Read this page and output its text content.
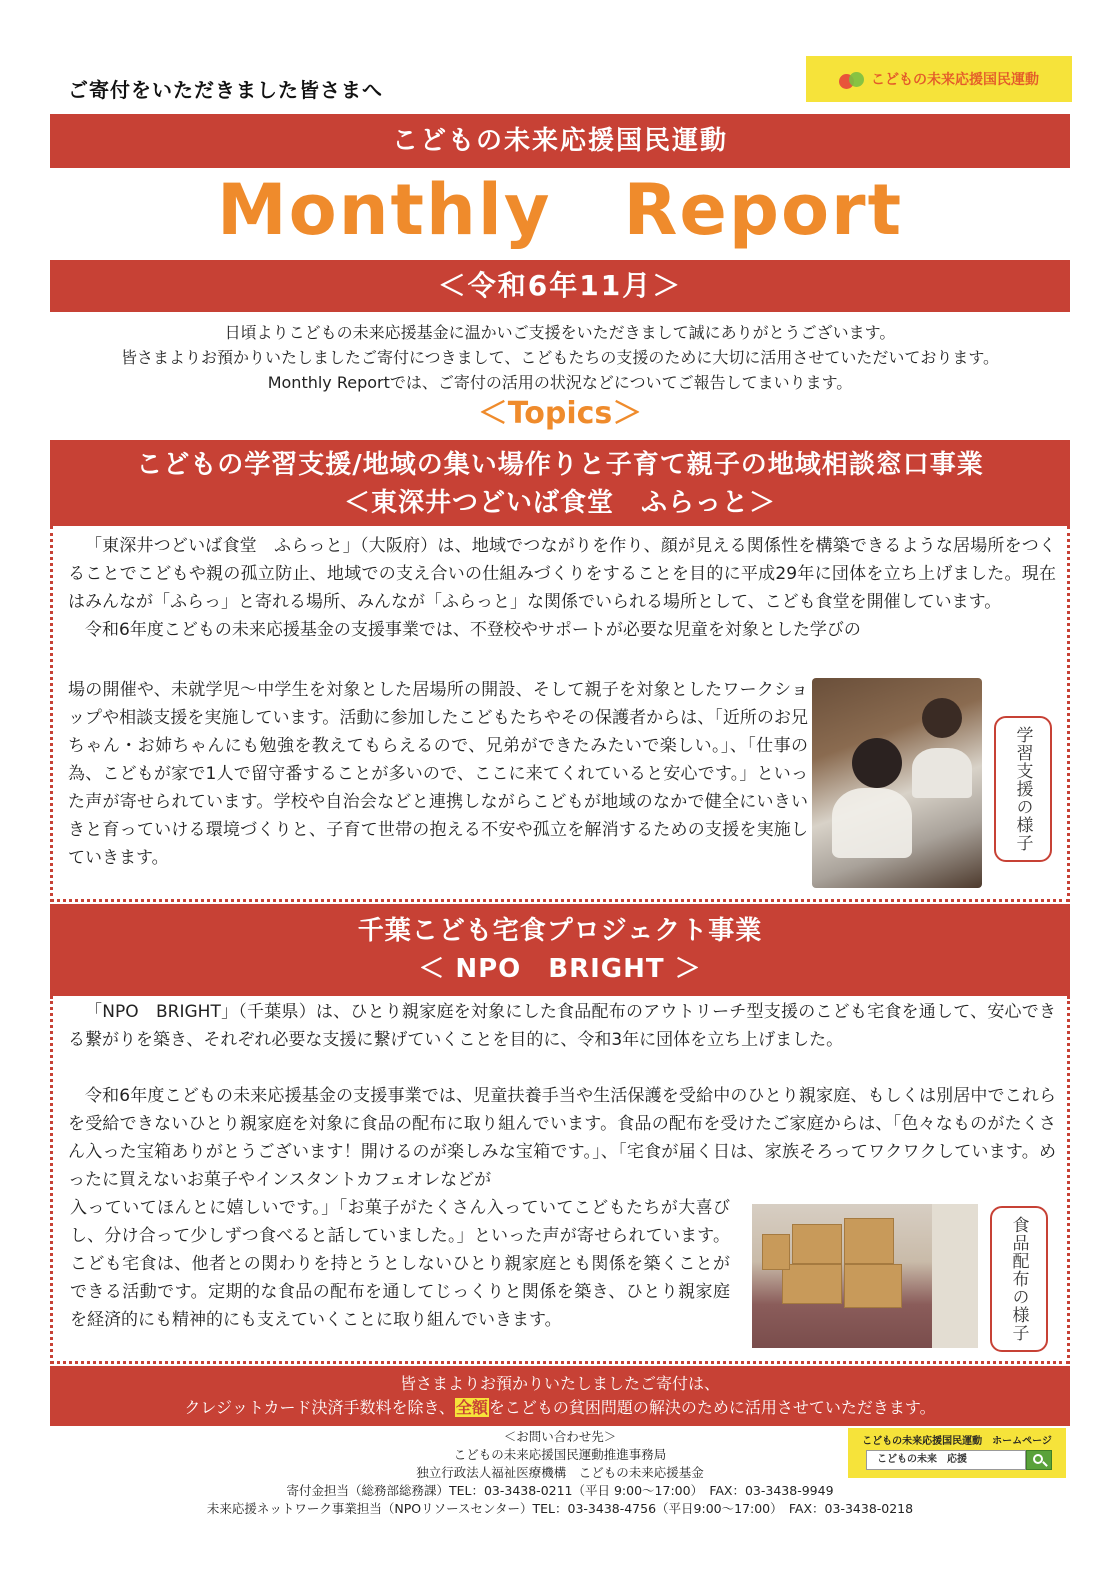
ご寄付をいただきました皆さまへ	こどもの未来応援国民運動
こどもの未来応援国民運動
Monthly　Report
＜令和6年11月＞
日頃よりこどもの未来応援基金に温かいご支援をいただきまして誠にありがとうございます。
皆さまよりお預かりいたしましたご寄付につきまして、こどもたちの支援のために大切に活用させていただいております。
Monthly Reportでは、ご寄付の活用の状況などについてご報告してまいります。
＜Topics＞
こどもの学習支援/地域の集い場作りと子育て親子の地域相談窓口事業
＜東深井つどいば食堂　ふらっと＞
「東深井つどいば食堂　ふらっと」（大阪府）は、地域でつながりを作り、顔が見える関係性を構築できるような居場所をつくることでこどもや親の孤立防止、地域での支え合いの仕組みづくりをすることを目的に平成29年に団体を立ち上げました。現在はみんなが「ふらっ」と寄れる場所、みんなが「ふらっと」な関係でいられる場所として、こども食堂を開催しています。
令和6年度こどもの未来応援基金の支援事業では、不登校やサポートが必要な児童を対象とした学びの
場の開催や、未就学児～中学生を対象とした居場所の開設、そして親子を対象としたワークショップや相談支援を実施しています。活動に参加したこどもたちやその保護者からは、「近所のお兄ちゃん・お姉ちゃんにも勉強を教えてもらえるので、兄弟ができたみたいで楽しい。」、「仕事の為、こどもが家で1人で留守番することが多いので、ここに来てくれていると安心です。」といった声が寄せられています。学校や自治会などと連携しながらこどもが地域のなかで健全にいきいきと育っていける環境づくりと、子育て世帯の抱える不安や孤立を解消するための支援を実施していきます。
学習支援の様子
千葉こども宅食プロジェクト事業
＜ NPO　BRIGHT ＞
「NPO　BRIGHT」（千葉県）は、ひとり親家庭を対象にした食品配布のアウトリーチ型支援のこども宅食を通して、安心できる繋がりを築き、それぞれ必要な支援に繋げていくことを目的に、令和3年に団体を立ち上げました。
令和6年度こどもの未来応援基金の支援事業では、児童扶養手当や生活保護を受給中のひとり親家庭、もしくは別居中でこれらを受給できないひとり親家庭を対象に食品の配布に取り組んでいます。食品の配布を受けたご家庭からは、「色々なものがたくさん入った宝箱ありがとうございます！開けるのが楽しみな宝箱です。」、「宅食が届く日は、家族そろってワクワクしています。めったに買えないお菓子やインスタントカフェオレなどが
入っていてほんとに嬉しいです。」「お菓子がたくさん入っていてこどもたちが大喜びし、分け合って少しずつ食べると話していました。」といった声が寄せられています。こども宅食は、他者との関わりを持とうとしないひとり親家庭とも関係を築くことができる活動です。定期的な食品の配布を通してじっくりと関係を築き、ひとり親家庭を経済的にも精神的にも支えていくことに取り組んでいきます。	食品配布の様子
皆さまよりお預かりいたしましたご寄付は、
クレジットカード決済手数料を除き、全額をこどもの貧困問題の解決のために活用させていただきます。
＜お問い合わせ先＞
こどもの未来応援国民運動推進事務局
独立行政法人福祉医療機構　こどもの未来応援基金
寄付金担当（総務部総務課）TEL：03-3438-0211（平日 9:00～17:00）　FAX：03-3438-9949
未来応援ネットワーク事業担当（NPOリソースセンター）TEL：03-3438-4756（平日9:00～17:00）　FAX：03-3438-0218
こどもの未来応援国民運動　ホームページ
こどもの未来　応援
